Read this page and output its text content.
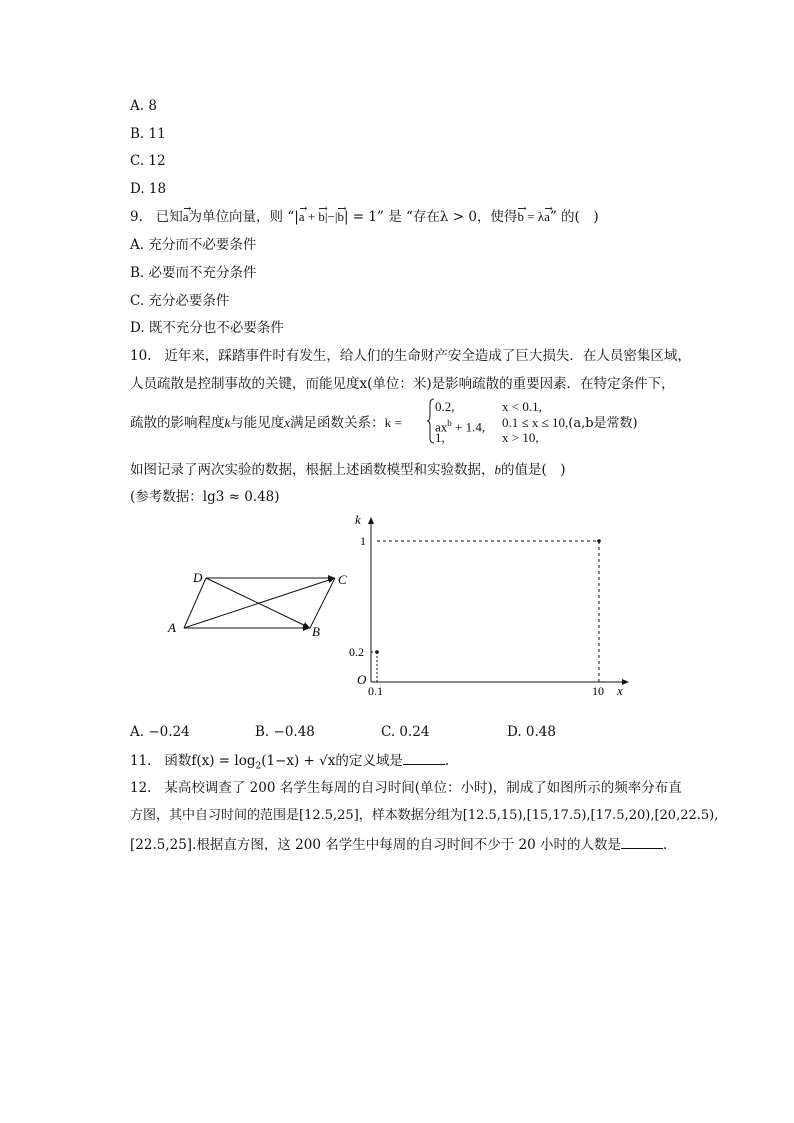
A. 8
B. 11
C. 12
D. 18
9. 已知a ›为单位向量，则 “|a › + b ›|−|b ›| = 1” 是 “存在λ > 0，使得b › = λa ›” 的(　)
A. 充分而不必要条件
B. 必要而不充分条件
C. 充分必要条件
D. 既不充分也不必要条件
10. 近年来，踩踏事件时有发生，给人们的生命财产安全造成了巨大损失．在人员密集区域，
人员疏散是控制事故的关键，而能见度x(单位：米)是影响疏散的重要因素．在特定条件下，
疏散的影响程度k与能见度x满足函数关系：k =
0.2,	x < 0.1,
$ax^b + 1.4$, 0.1 ≤ x ≤ 10,(a,b是常数)
1,	x > 10,
如图记录了两次实验的数据，根据上述函数模型和实验数据，b的值是(　)
(参考数据：lg3 ≈ 0.48)
A	B
C
D
k
x
O
1
0.2
0.1	10
A. −0.24	B. −0.48	C. 0.24	D. 0.48
11. 函数$f(x) = \log_2(1-x) + √x$的定义域是	.
12. 某高校调查了 200 名学生每周的自习时间(单位：小时)，制成了如图所示的频率分布直
方图，其中自习时间的范围是[12.5,25]，样本数据分组为[12.5,15),[15,17.5),[17.5,20),[20,22.5),
[22.5,25].根据直方图，这 200 名学生中每周的自习时间不少于 20 小时的人数是	.
